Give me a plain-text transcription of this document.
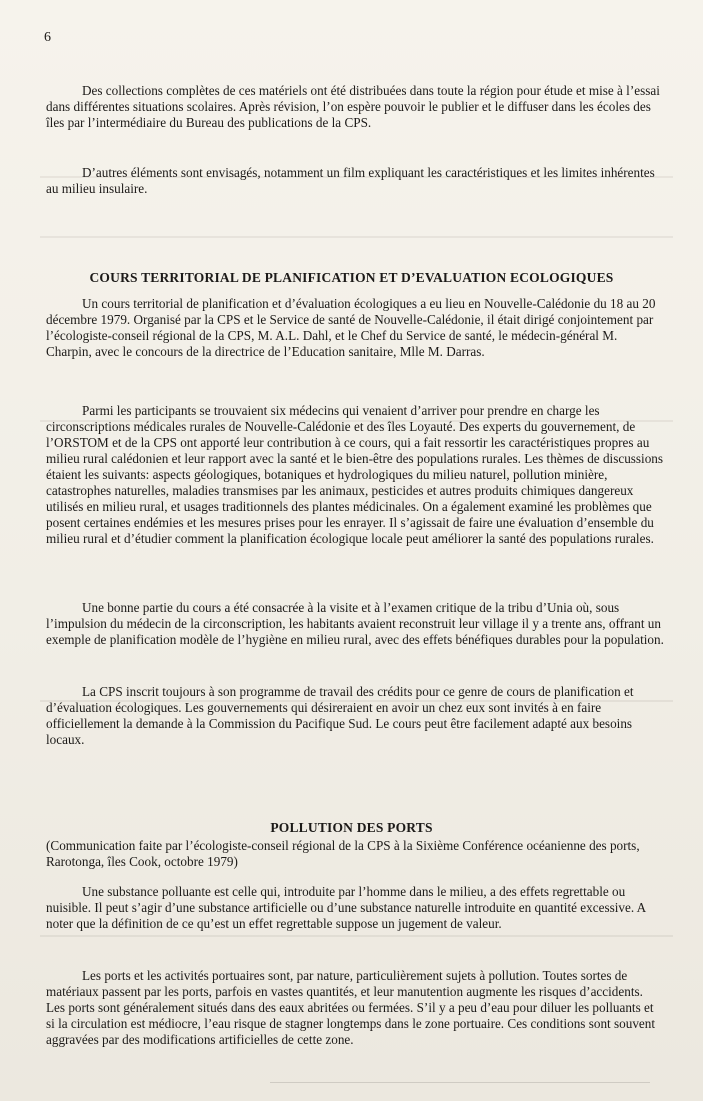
6

Des collections complètes de ces matériels ont été distribuées dans toute la région pour étude et mise à l’essai dans différentes situations scolaires. Après révision, l’on espère pouvoir le publier et le diffuser dans les écoles des îles par l’intermédiaire du Bureau des publications de la CPS.

D’autres éléments sont envisagés, notamment un film expliquant les caractéristiques et les limites inhérentes au milieu insulaire.

COURS TERRITORIAL DE PLANIFICATION ET D’EVALUATION ECOLOGIQUES

Un cours territorial de planification et d’évaluation écologiques a eu lieu en Nouvelle-Calédonie du 18 au 20 décembre 1979. Organisé par la CPS et le Service de santé de Nouvelle-Calédonie, il était dirigé conjointement par l’écologiste-conseil régional de la CPS, M. A.L. Dahl, et le Chef du Service de santé, le médecin-général M. Charpin, avec le concours de la directrice de l’Education sanitaire, Mlle M. Darras.

Parmi les participants se trouvaient six médecins qui venaient d’arriver pour prendre en charge les circonscriptions médicales rurales de Nouvelle-Calédonie et des îles Loyauté. Des experts du gouvernement, de l’ORSTOM et de la CPS ont apporté leur contribution à ce cours, qui a fait ressortir les caractéristiques propres au milieu rural calédonien et leur rapport avec la santé et le bien-être des populations rurales. Les thèmes de discussions étaient les suivants: aspects géologiques, botaniques et hydrologiques du milieu naturel, pollution minière, catastrophes naturelles, maladies transmises par les animaux, pesticides et autres produits chimiques dangereux utilisés en milieu rural, et usages traditionnels des plantes médicinales. On a également examiné les problèmes que posent certaines endémies et les mesures prises pour les enrayer. Il s’agissait de faire une évaluation d’ensemble du milieu rural et d’étudier comment la planification écologique locale peut améliorer la santé des populations rurales.

Une bonne partie du cours a été consacrée à la visite et à l’examen critique de la tribu d’Unia où, sous l’impulsion du médecin de la circonscription, les habitants avaient reconstruit leur village il y a trente ans, offrant un exemple de planification modèle de l’hygiène en milieu rural, avec des effets bénéfiques durables pour la population.

La CPS inscrit toujours à son programme de travail des crédits pour ce genre de cours de planification et d’évaluation écologiques. Les gouvernements qui désireraient en avoir un chez eux sont invités à en faire officiellement la demande à la Commission du Pacifique Sud. Le cours peut être facilement adapté aux besoins locaux.

POLLUTION DES PORTS

(Communication faite par l’écologiste-conseil régional de la CPS à la Sixième Conférence océanienne des ports, Rarotonga, îles Cook, octobre 1979)

Une substance polluante est celle qui, introduite par l’homme dans le milieu, a des effets regrettable ou nuisible. Il peut s’agir d’une substance artificielle ou d’une substance naturelle introduite en quantité excessive. A noter que la définition de ce qu’est un effet regrettable suppose un jugement de valeur.

Les ports et les activités portuaires sont, par nature, particulièrement sujets à pollution. Toutes sortes de matériaux passent par les ports, parfois en vastes quantités, et leur manutention augmente les risques d’accidents. Les ports sont généralement situés dans des eaux abritées ou fermées. S’il y a peu d’eau pour diluer les polluants et si la circulation est médiocre, l’eau risque de stagner longtemps dans le zone portuaire. Ces conditions sont souvent aggravées par des modifications artificielles de cette zone.
